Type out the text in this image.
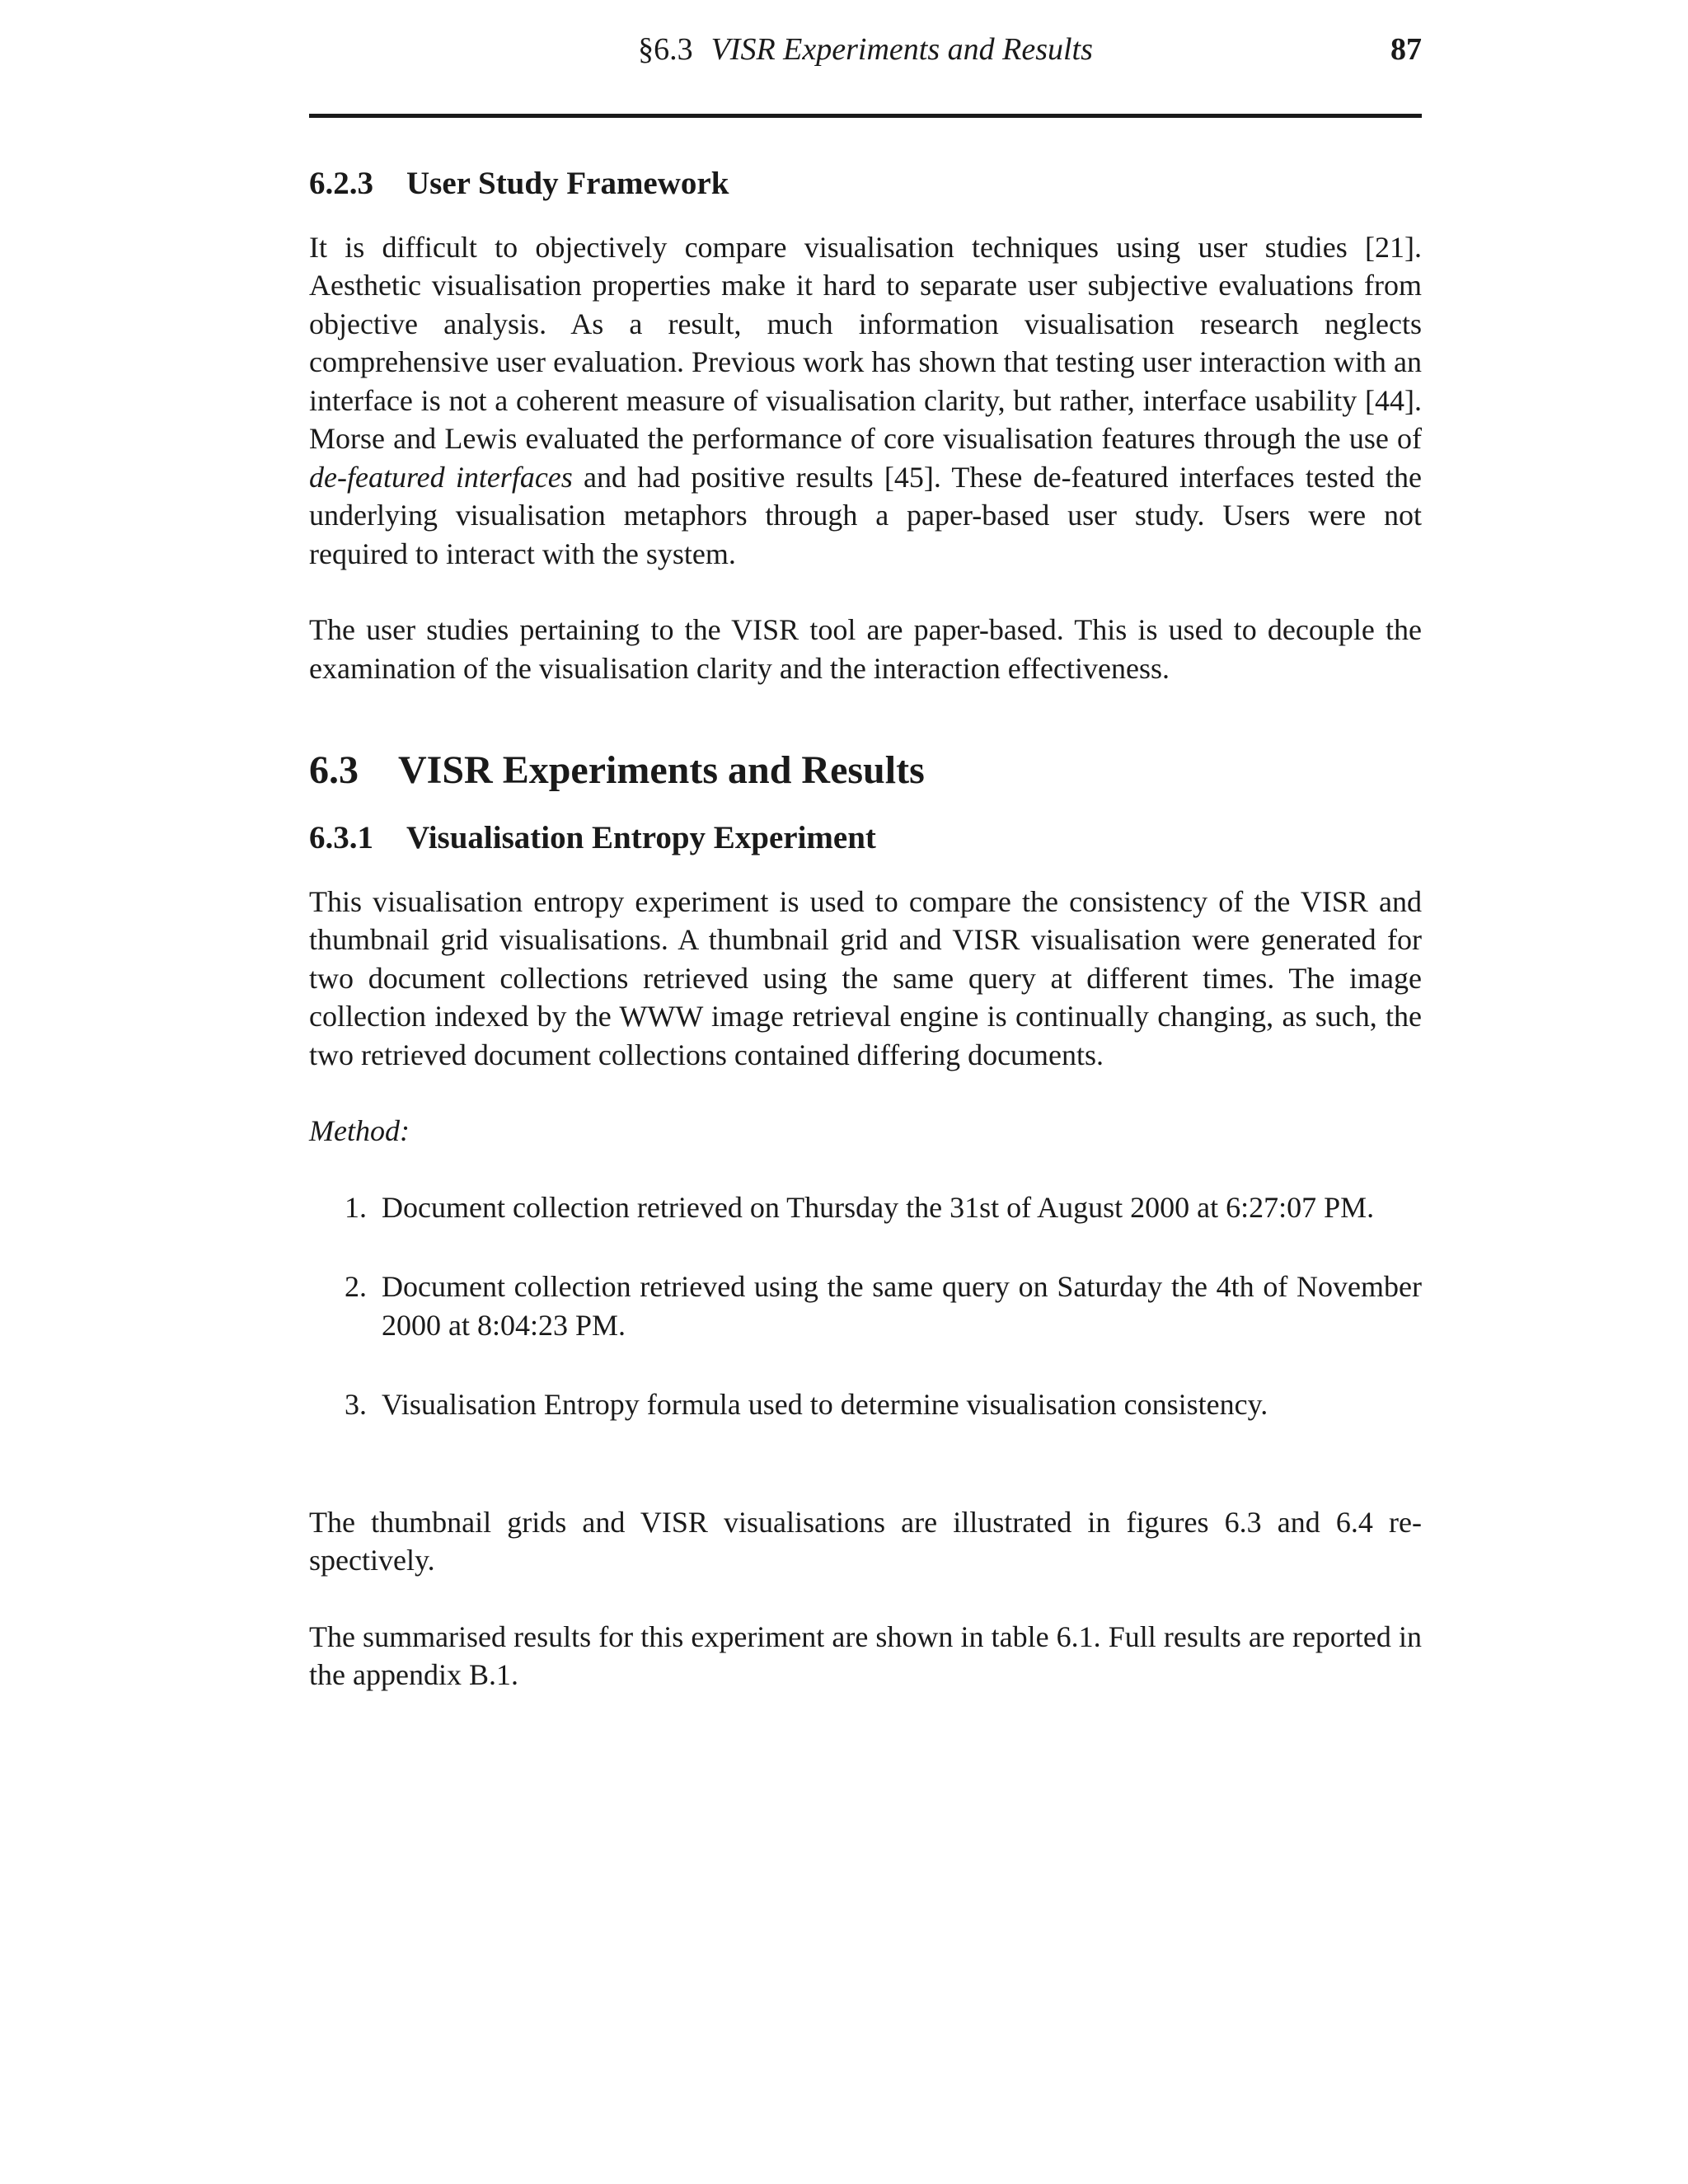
§6.3 VISR Experiments and Results	87
6.2.3 User Study Framework

It is difficult to objectively compare visualisation techniques using user studies [21]. Aesthetic visualisation properties make it hard to separate user subjective evaluations from objective analysis. As a result, much information visualisation research neglects comprehensive user evaluation. Previous work has shown that testing user interaction with an interface is not a coherent measure of visualisation clarity, but rather, interface usability [44]. Morse and Lewis evaluated the performance of core visualisation features through the use of de-featured interfaces and had positive results [45]. These de-featured interfaces tested the underlying visualisation metaphors through a paper-based user study. Users were not required to interact with the system.

The user studies pertaining to the VISR tool are paper-based. This is used to decouple the examination of the visualisation clarity and the interaction effectiveness.

6.3 VISR Experiments and Results
6.3.1 Visualisation Entropy Experiment

This visualisation entropy experiment is used to compare the consistency of the VISR and thumbnail grid visualisations. A thumbnail grid and VISR visualisation were generated for two document collections retrieved using the same query at different times. The image collection indexed by the WWW image retrieval engine is continually changing, as such, the two retrieved document collections contained differing documents.

Method:
1. Document collection retrieved on Thursday the 31st of August 2000 at 6:27:07 PM.
2. Document collection retrieved using the same query on Saturday the 4th of November 2000 at 8:04:23 PM.
3. Visualisation Entropy formula used to determine visualisation consistency.

The thumbnail grids and VISR visualisations are illustrated in figures 6.3 and 6.4 respectively.

The summarised results for this experiment are shown in table 6.1. Full results are reported in the appendix B.1.
